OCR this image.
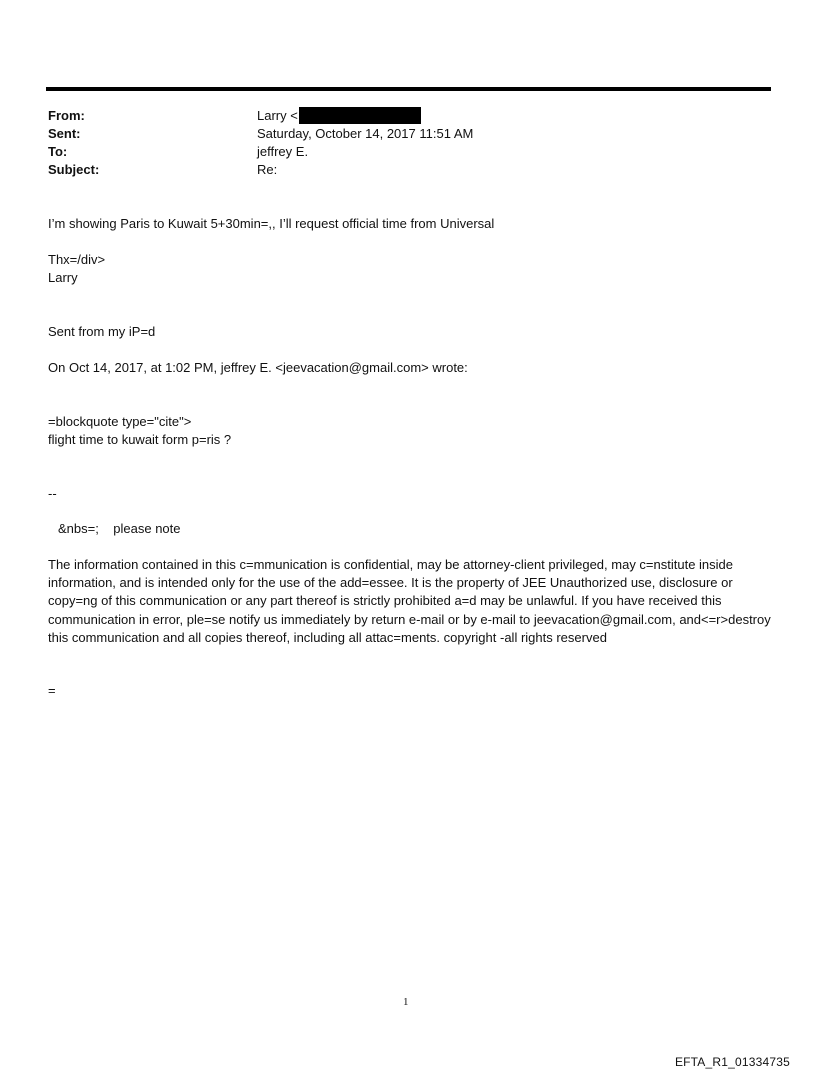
From:	Larry <
Sent:	Saturday, October 14, 2017 11:51 AM
To:	jeffrey E.
Subject:	Re:
I’m showing Paris to Kuwait 5+30min=,, I’ll request official time from Universal
Thx=/div>
Larry
Sent from my iP=d
On Oct 14, 2017, at 1:02 PM, jeffrey E. <jeevacation@gmail.com> wrote:
=blockquote type="cite">
flight time to kuwait form p=ris ?
--
&nbs=;    please note
The information contained in this c=mmunication is confidential, may be attorney-client privileged, may c=nstitute inside information, and is intended only for the use of the add=essee. It is the property of JEE Unauthorized use, disclosure or copy=ng of this communication or any part thereof is strictly prohibited a=d may be unlawful. If you have received this communication in error, ple=se notify us immediately by return e-mail or by e-mail to jeevacation@gmail.com, and<=r>destroy this communication and all copies thereof, including all attac=ments. copyright -all rights reserved
=
1
EFTA_R1_01334735
